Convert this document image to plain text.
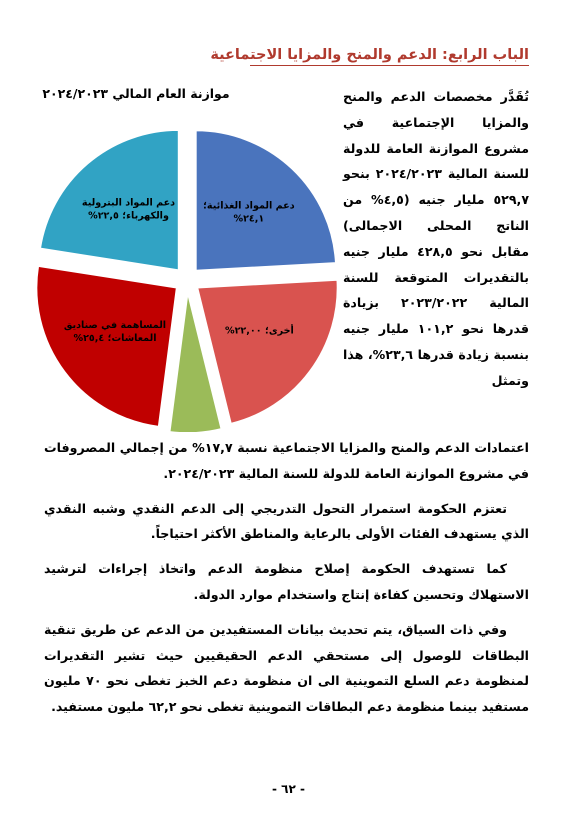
الباب الرابع: الدعم والمنح والمزايا الاجتماعية
موازنة العام المالي ٢٠٢٤/٢٠٢٣
دعم المواد الغذائية؛ ٢٤,١%
أخرى؛ ٢٢,٠٠%
المساهمة في صناديق المعاشات؛ ٢٥,٤%
دعم المواد البترولية والكهرباء؛ ٢٢,٥%

تُقَدَّر مخصصات الدعم والمنح والمزايا الإجتماعية في مشروع الموازنة العامة للدولة للسنة المالية ٢٠٢٤/٢٠٢٣ بنحو ٥٢٩,٧ مليار جنيه (٤,٥% من الناتج المحلى الاجمالى) مقابل نحو ٤٢٨,٥ مليار جنيه بالتقديرات المتوقعة للسنة المالية ٢٠٢٣/٢٠٢٢ بزيادة قدرها نحو ١٠١,٢ مليار جنيه بنسبة زيادة قدرها ٢٣,٦%، هذا وتمثل

اعتمادات الدعم والمنح والمزايا الاجتماعية نسبة ١٧,٧% من إجمالي المصروفات في مشروع الموازنة العامة للدولة للسنة المالية ٢٠٢٤/٢٠٢٣.

تعتزم الحكومة استمرار التحول التدريجي إلى الدعم النقدي وشبه النقدي الذي يستهدف الفئات الأولى بالرعاية والمناطق الأكثر احتياجاً.

كما تستهدف الحكومة إصلاح منظومة الدعم واتخاذ إجراءات لترشيد الاستهلاك وتحسين كفاءة إنتاج واستخدام موارد الدولة.

وفي ذات السياق، يتم تحديث بيانات المستفيدين من الدعم عن طريق تنقية البطاقات للوصول إلى مستحقي الدعم الحقيقيين حيث تشير التقديرات لمنظومة دعم السلع التموينية الى ان منظومة دعم الخبز تغطى نحو ٧٠ مليون مستفيد بينما منظومة دعم البطاقات التموينية تغطى نحو ٦٢,٢ مليون مستفيد.

- ٦٢ -
